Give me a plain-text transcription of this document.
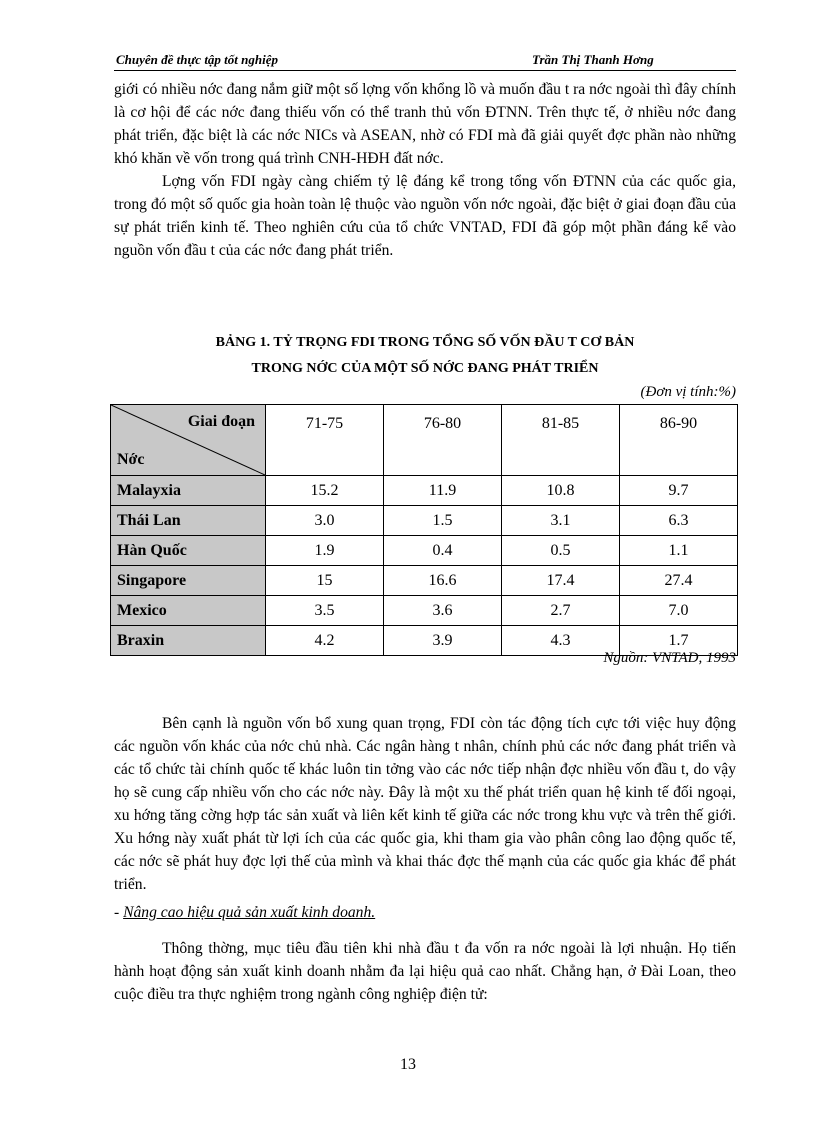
Chuyên đề thực tập tốt nghiệp	Trần Thị Thanh Hơng

giới có nhiều nớc đang nắm giữ một số lợng vốn khổng lồ và muốn đầu t ra nớc ngoài thì đây chính là cơ hội để các nớc đang thiếu vốn có thể tranh thủ vốn ĐTNN. Trên thực tế, ở nhiều nớc đang phát triển, đặc biệt là các nớc NICs và ASEAN, nhờ có FDI mà đã giải quyết đợc phần nào những khó khăn về vốn trong quá trình CNH-HĐH đất nớc.

Lợng vốn FDI ngày càng chiếm tỷ lệ đáng kể trong tổng vốn ĐTNN của các quốc gia, trong đó một số quốc gia hoàn toàn lệ thuộc vào nguồn vốn nớc ngoài, đặc biệt ở giai đoạn đầu của sự phát triển kinh tế. Theo nghiên cứu của tổ chức VNTAD, FDI đã góp một phần đáng kể vào nguồn vốn đầu t của các nớc đang phát triển.

BẢNG 1. TỶ TRỌNG FDI TRONG TỔNG SỐ VỐN ĐẦU T CƠ BẢN
TRONG NỚC CỦA MỘT SỐ NỚC ĐANG PHÁT TRIỂN
(Đơn vị tính:%)
Giai đoạn
Nớc	71-75	76-80	81-85	86-90
Malayxia	15.2	11.9	10.8	9.7
Thái Lan	3.0	1.5	3.1	6.3
Hàn Quốc	1.9	0.4	0.5	1.1
Singapore	15	16.6	17.4	27.4
Mexico	3.5	3.6	2.7	7.0
Braxin	4.2	3.9	4.3	1.7
Nguồn: VNTAD, 1993

Bên cạnh là nguồn vốn bổ xung quan trọng, FDI còn tác động tích cực tới việc huy động các nguồn vốn khác của nớc chủ nhà. Các ngân hàng t nhân, chính phủ các nớc đang phát triển và các tổ chức tài chính quốc tế khác luôn tin tởng vào các nớc tiếp nhận đợc nhiều vốn đầu t, do vậy họ sẽ cung cấp nhiều vốn cho các nớc này. Đây là một xu thế phát triển quan hệ kinh tế đối ngoại, xu hớng tăng cờng hợp tác sản xuất và liên kết kinh tế giữa các nớc trong khu vực và trên thế giới. Xu hớng này xuất phát từ lợi ích của các quốc gia, khi tham gia vào phân công lao động quốc tế, các nớc sẽ phát huy đợc lợi thế của mình và khai thác đợc thế mạnh của các quốc gia khác để phát triển.

- Nâng cao hiệu quả sản xuất kinh doanh.

Thông thờng, mục tiêu đầu tiên khi nhà đầu t đa vốn ra nớc ngoài là lợi nhuận. Họ tiến hành hoạt động sản xuất kinh doanh nhằm đa lại hiệu quả cao nhất. Chẳng hạn, ở Đài Loan, theo cuộc điều tra thực nghiệm trong ngành công nghiệp điện tử:

13
